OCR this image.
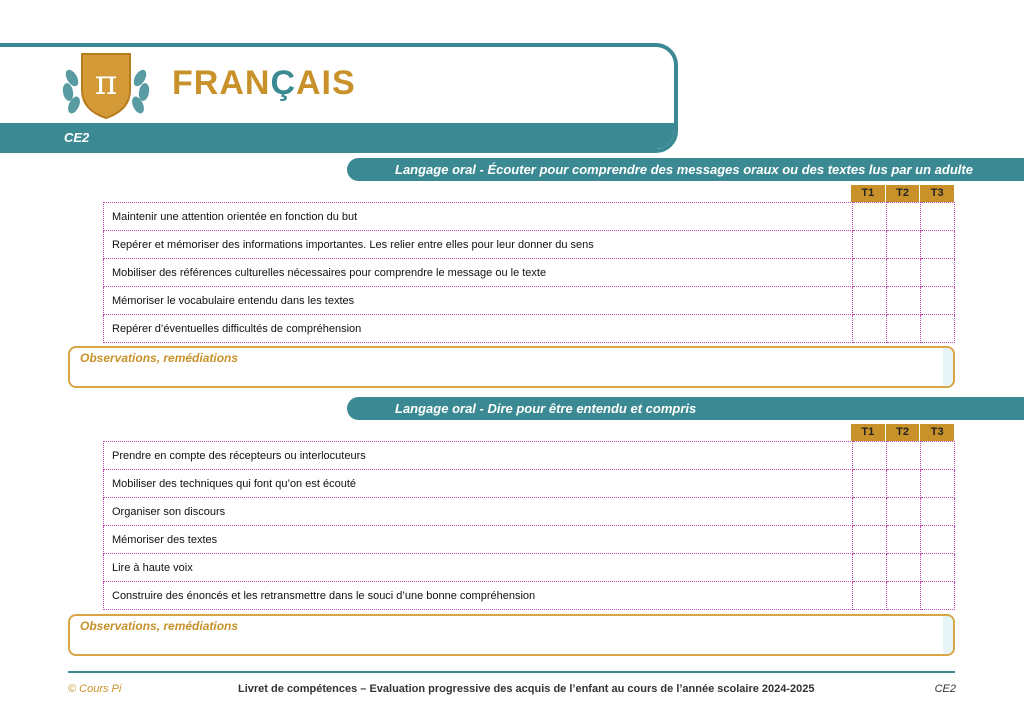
CE2
π FRANÇAIS
Langage oral - Écouter pour comprendre des messages oraux ou des textes lus par un adulte
T1	T2	T3
Maintenir une attention orientée en fonction du but			
Repérer et mémoriser des informations importantes. Les relier entre elles pour leur donner du sens			
Mobiliser des références culturelles nécessaires pour comprendre le message ou le texte			
Mémoriser le vocabulaire entendu dans les textes			
Repérer d’éventuelles difficultés de compréhension			
Observations, remédiations
Langage oral - Dire pour être entendu et compris
T1	T2	T3
Prendre en compte des récepteurs ou interlocuteurs			
Mobiliser des techniques qui font qu’on est écouté			
Organiser son discours			
Mémoriser des textes			
Lire à haute voix			
Construire des énoncés et les retransmettre dans le souci d’une bonne compréhension			
Observations, remédiations
© Cours Pi	Livret de compétences – Evaluation progressive des acquis de l’enfant au cours de l’année scolaire 2024-2025	CE2
